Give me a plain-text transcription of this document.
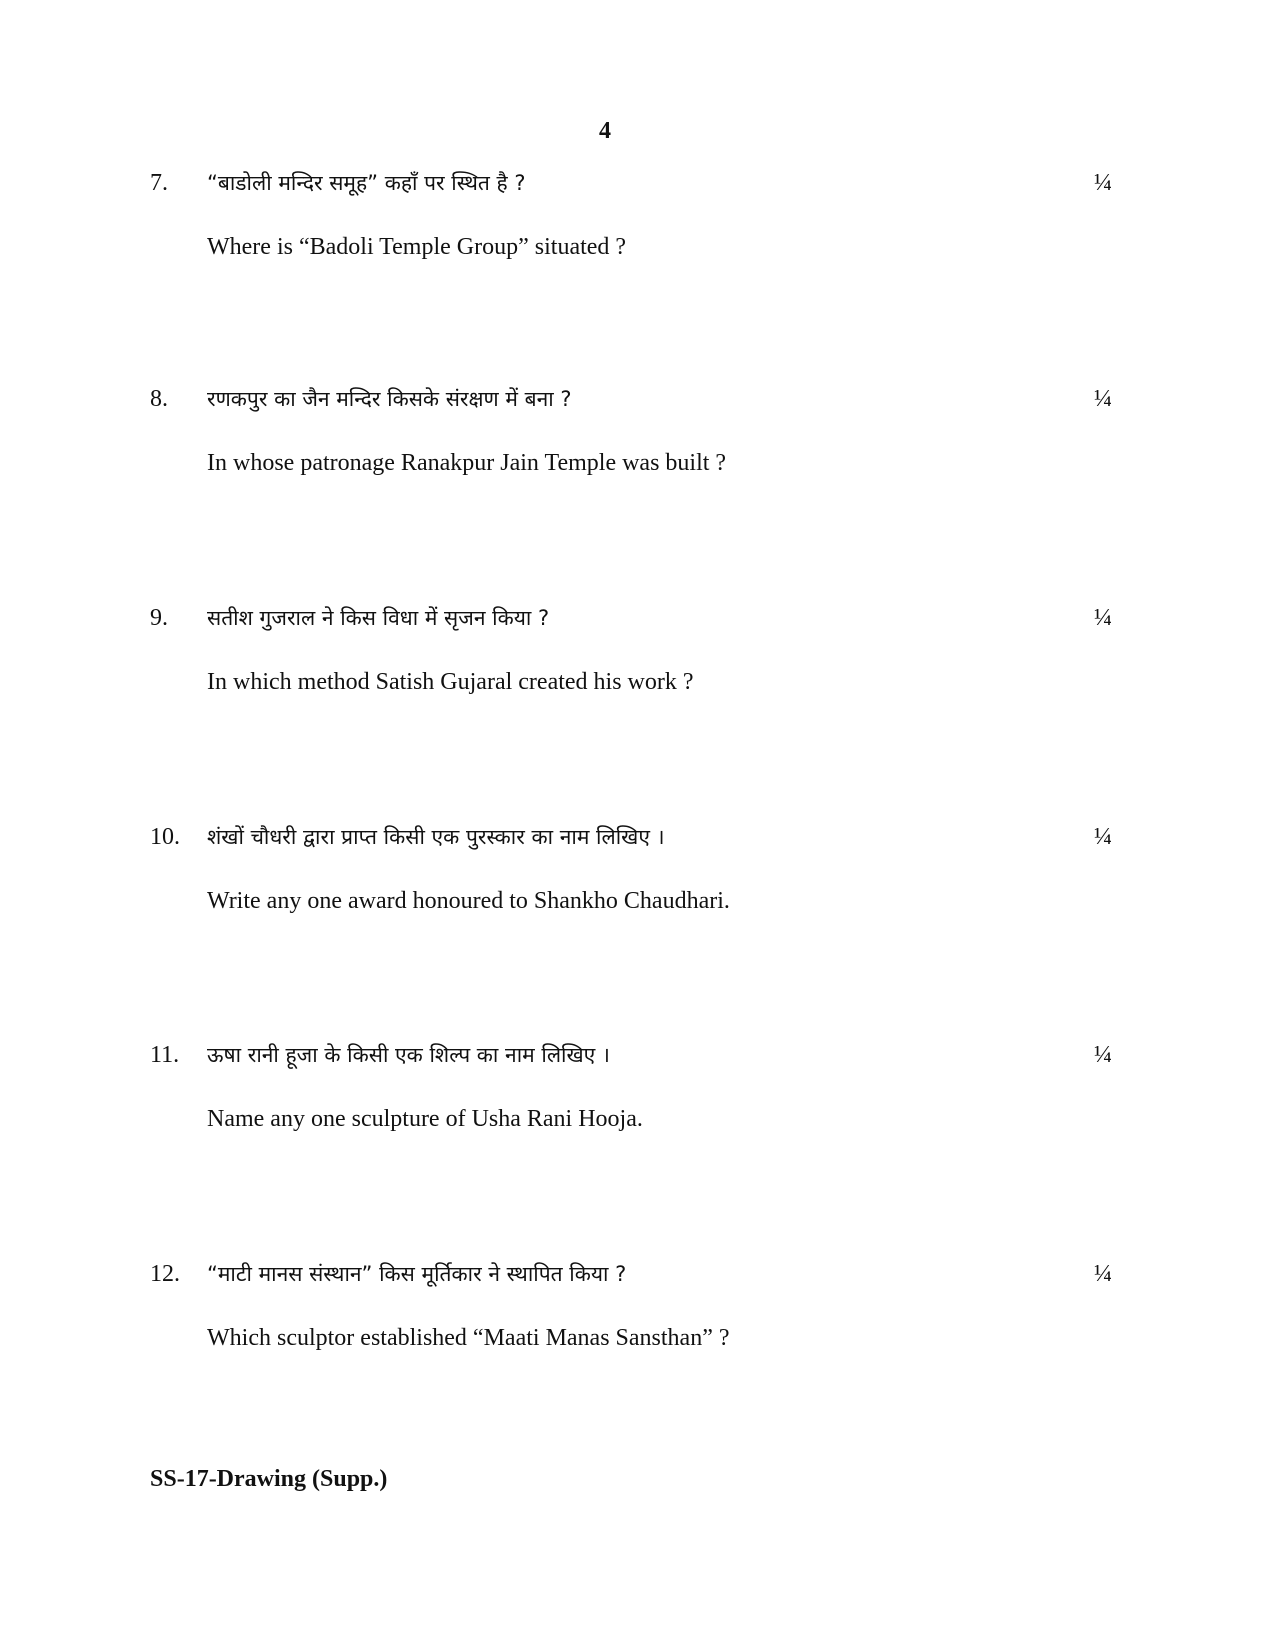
4
7. “बाडोली मन्दिर समूह” कहाँ पर स्थित है ?	¼
Where is “Badoli Temple Group” situated ?
8. रणकपुर का जैन मन्दिर किसके संरक्षण में बना ?	¼
In whose patronage Ranakpur Jain Temple was built ?
9. सतीश गुजराल ने किस विधा में सृजन किया ?	¼
In which method Satish Gujaral created his work ?
10. शंखों चौधरी द्वारा प्राप्त किसी एक पुरस्कार का नाम लिखिए ।	¼
Write any one award honoured to Shankho Chaudhari.
11. ऊषा रानी हूजा के किसी एक शिल्प का नाम लिखिए ।	¼
Name any one sculpture of Usha Rani Hooja.
12. “माटी मानस संस्थान” किस मूर्तिकार ने स्थापित किया ?	¼
Which sculptor established “Maati Manas Sansthan” ?
SS-17-Drawing (Supp.)
